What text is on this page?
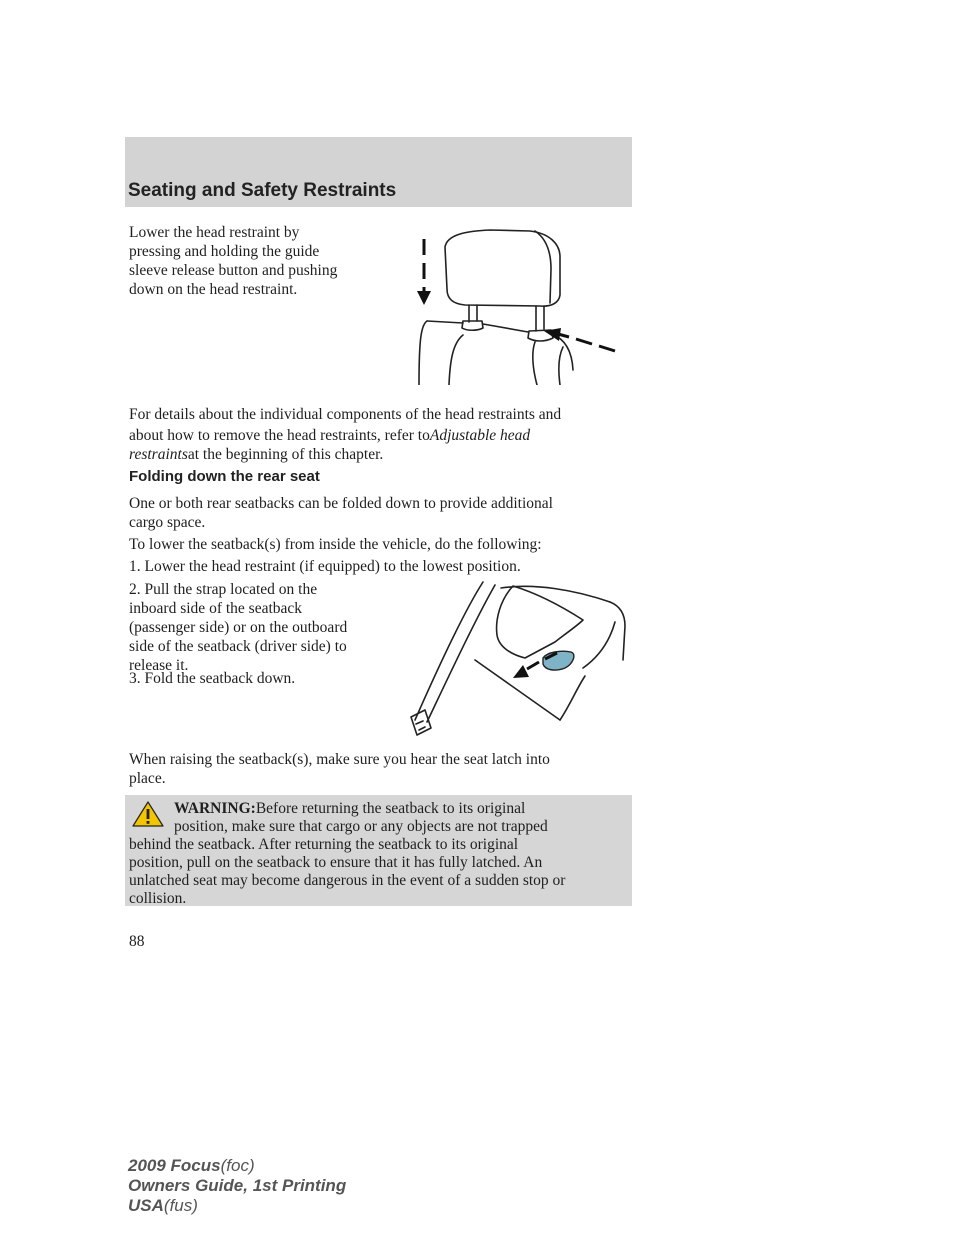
Seating and Safety Restraints
Lower the head restraint by
pressing and holding the guide
sleeve release button and pushing
down on the head restraint.
For details about the individual components of the head restraints and
about how to remove the head restraints, refer toAdjustable head
restraintsat the beginning of this chapter.
Folding down the rear seat
One or both rear seatbacks can be folded down to provide additional
cargo space.
To lower the seatback(s) from inside the vehicle, do the following:
1. Lower the head restraint (if equipped) to the lowest position.
2. Pull the strap located on the
inboard side of the seatback
(passenger side) or on the outboard
side of the seatback (driver side) to
release it.
3. Fold the seatback down.
When raising the seatback(s), make sure you hear the seat latch into
place.
WARNING:Before returning the seatback to its original
position, make sure that cargo or any objects are not trapped
behind the seatback. After returning the seatback to its original
position, pull on the seatback to ensure that it has fully latched. An
unlatched seat may become dangerous in the event of a sudden stop or
collision.
88
2009 Focus(foc)
Owners Guide, 1st Printing
USA(fus)
